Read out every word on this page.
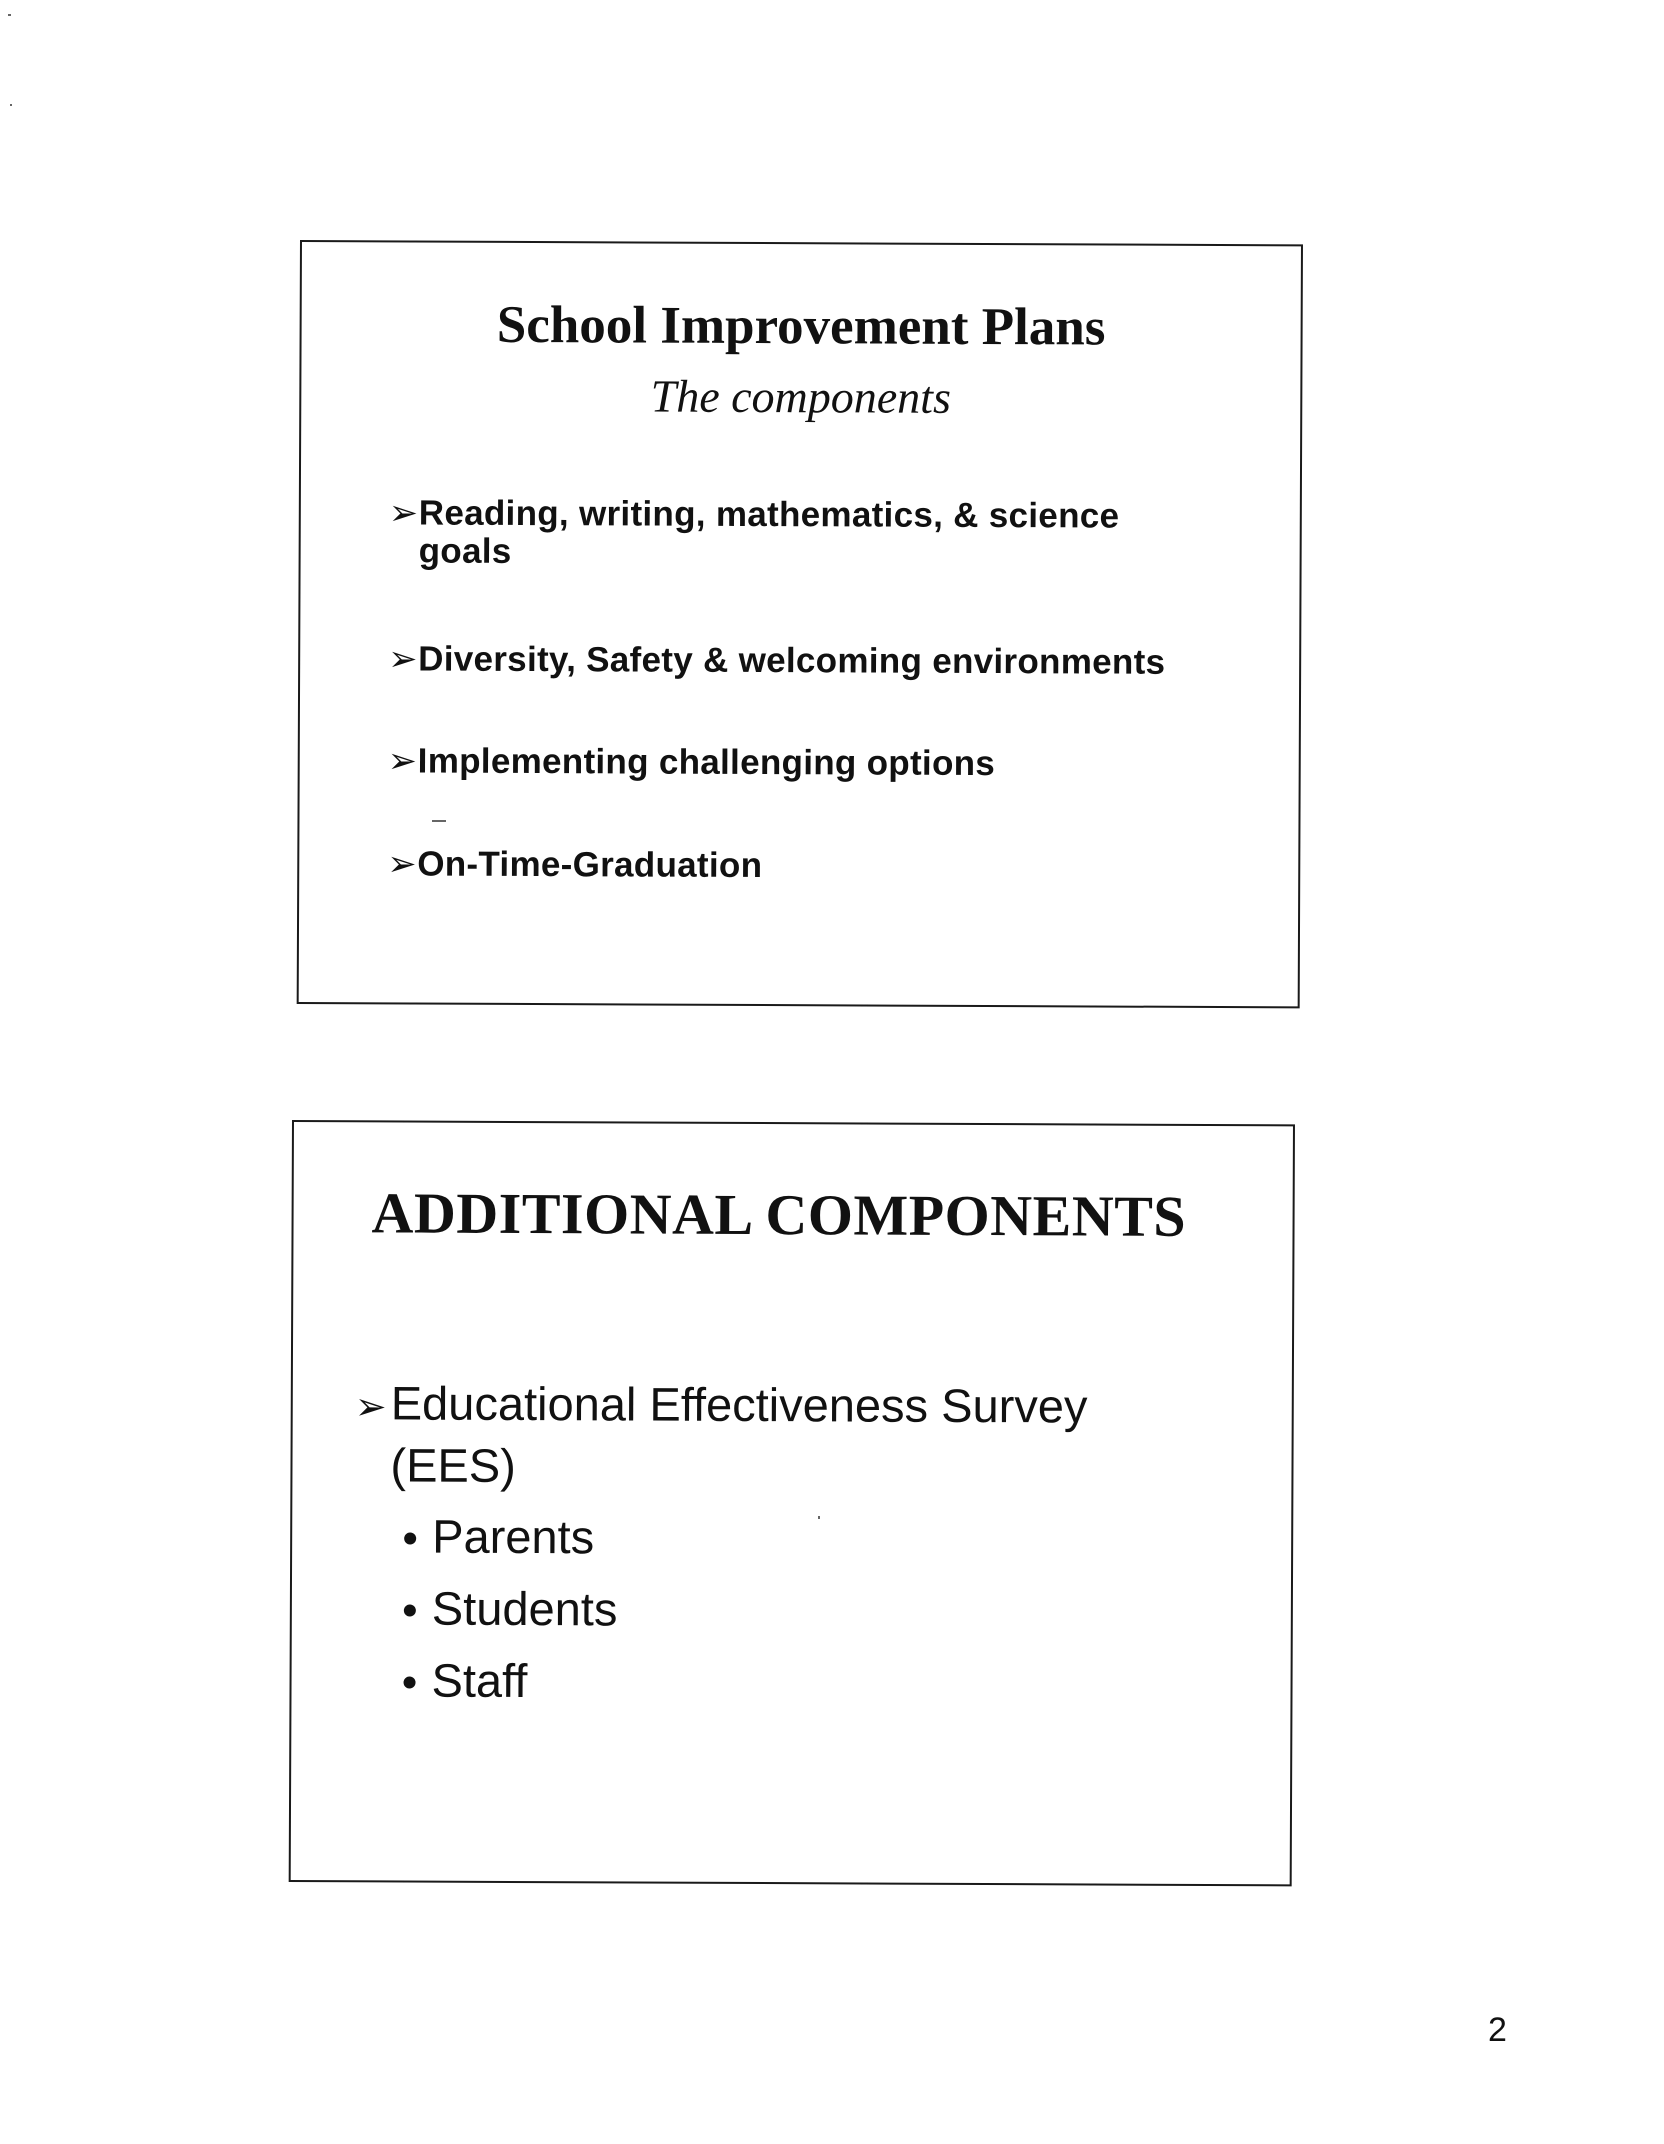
School Improvement Plans
The components
➢Reading, writing, mathematics, & science
goals
➢Diversity, Safety & welcoming environments
➢Implementing challenging options
➢On-Time-Graduation
ADDITIONAL COMPONENTS
➢Educational Effectiveness Survey
(EES)
Parents
Students
Staff
2
